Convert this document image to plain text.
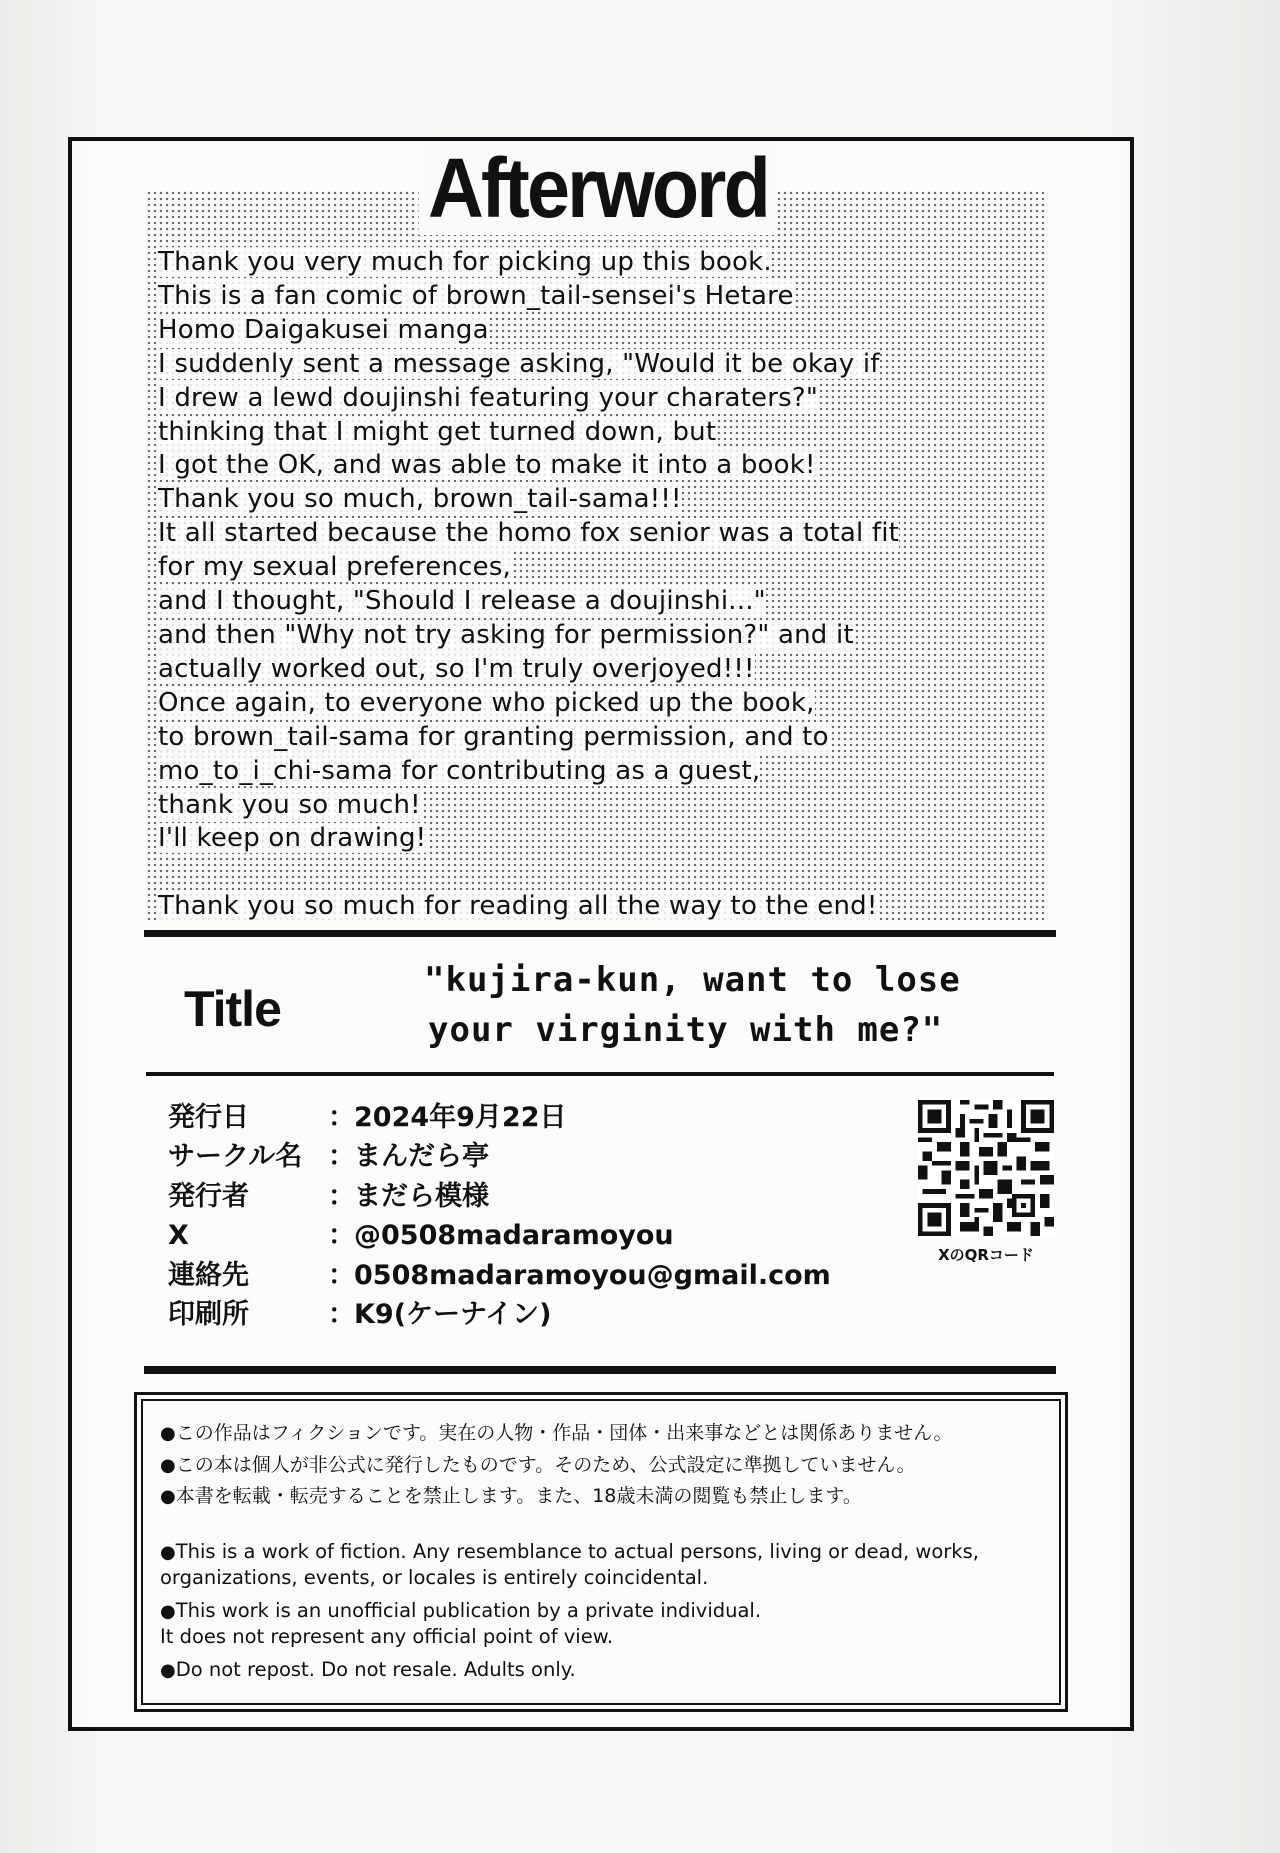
Afterword
Thank you very much for picking up this book.
This is a fan comic of brown_tail-sensei's Hetare
Homo Daigakusei manga
I suddenly sent a message asking, "Would it be okay if
I drew a lewd doujinshi featuring your charaters?"
thinking that I might get turned down, but
I got the OK, and was able to make it into a book!
Thank you so much, brown_tail-sama!!!
It all started because the homo fox senior was a total fit
for my sexual preferences,
and I thought, "Should I release a doujinshi..."
and then "Why not try asking for permission?" and it
actually worked out, so I'm truly overjoyed!!!
Once again, to everyone who picked up the book,
to brown_tail-sama for granting permission, and to
mo_to_i_chi-sama for contributing as a guest,
thank you so much!
I'll keep on drawing!
Thank you so much for reading all the way to the end!
Title
"kujira-kun, want to lose
your virginity with me?"
発行日	： 2024年9月22日
サークル名 ： まんだら亭
発行者	： まだら模様
X	： @0508madaramoyou
連絡先	： 0508madaramoyou@gmail.com
印刷所	： K9(ケーナイン)
XのQRコード
●この作品はフィクションです。実在の人物・作品・団体・出来事などとは関係ありません。
●この本は個人が非公式に発行したものです。そのため、公式設定に準拠していません。
●本書を転載・転売することを禁止します。また、18歳未満の閲覧も禁止します。
●This is a work of fiction. Any resemblance to actual persons, living or dead, works,
organizations, events, or locales is entirely coincidental.
●This work is an unofficial publication by a private individual.
It does not represent any official point of view.
●Do not repost. Do not resale. Adults only.
